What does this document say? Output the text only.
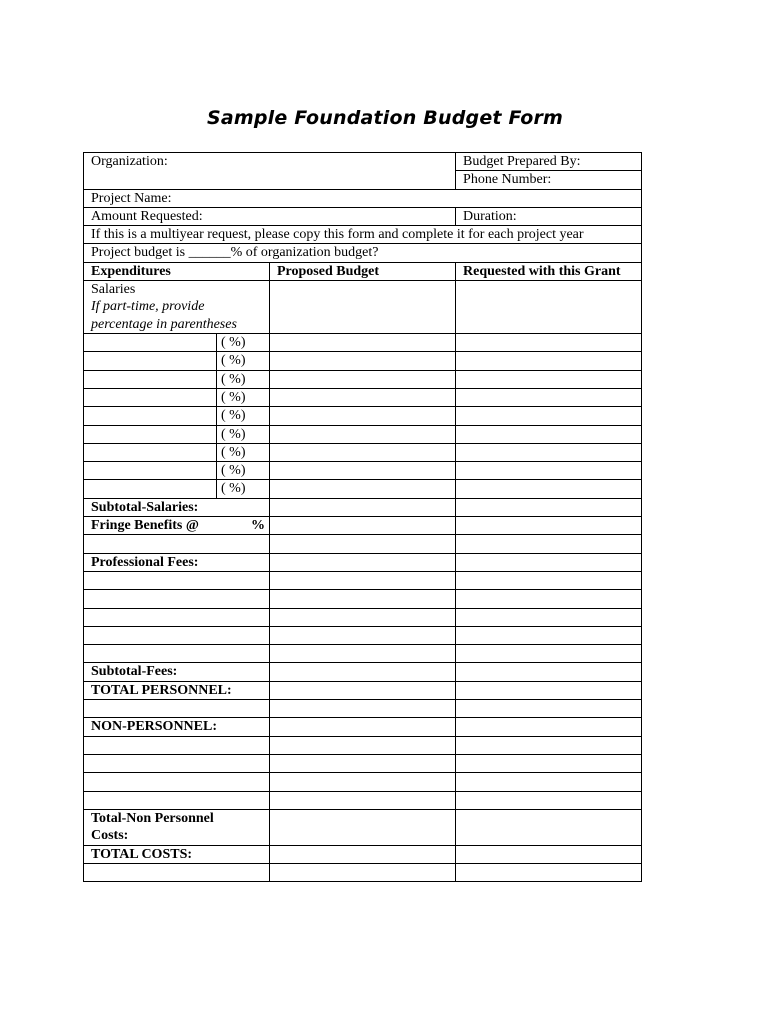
Sample Foundation Budget Form
Organization:		Budget Prepared By:
		Phone Number:
Project Name:		
Amount Requested:		Duration:
If this is a multiyear request, please copy this form and complete it for each project year		
Project budget is ______% of organization budget?		
Expenditures	Proposed Budget	Requested with this Grant

Salaries
If part-time, provide
percentage in parentheses		

( %)		

( %)		

( %)		

( %)		

( %)		

( %)		

( %)		

( %)		

( %)		

Subtotal-Salaries:		

Fringe Benefits @ %		

Professional Fees:		

Subtotal-Fees:		
TOTAL PERSONNEL:		

NON-PERSONNEL:		

Total-Non Personnel
Costs:		

TOTAL COSTS:		
